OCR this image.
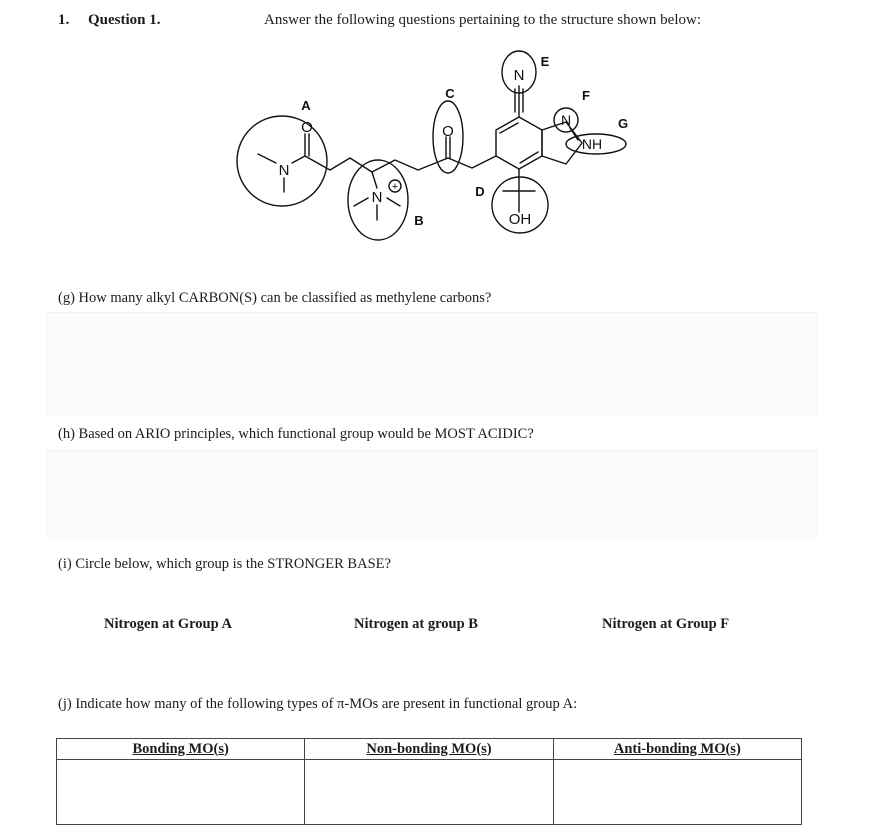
1. Question 1.	Answer the following questions pertaining to the structure shown below:
N
O
N
+
O
N
N
NH
OH
A
B
C
D
E
F
G
(g) How many alkyl CARBON(S) can be classified as methylene carbons?
(h) Based on ARIO principles, which functional group would be MOST ACIDIC?
(i) Circle below, which group is the STRONGER BASE?
Nitrogen at Group A	Nitrogen at group B	Nitrogen at Group F
(j) Indicate how many of the following types of π-MOs are present in functional group A:
Bonding MO(s)	Non-bonding MO(s)	Anti-bonding MO(s)
